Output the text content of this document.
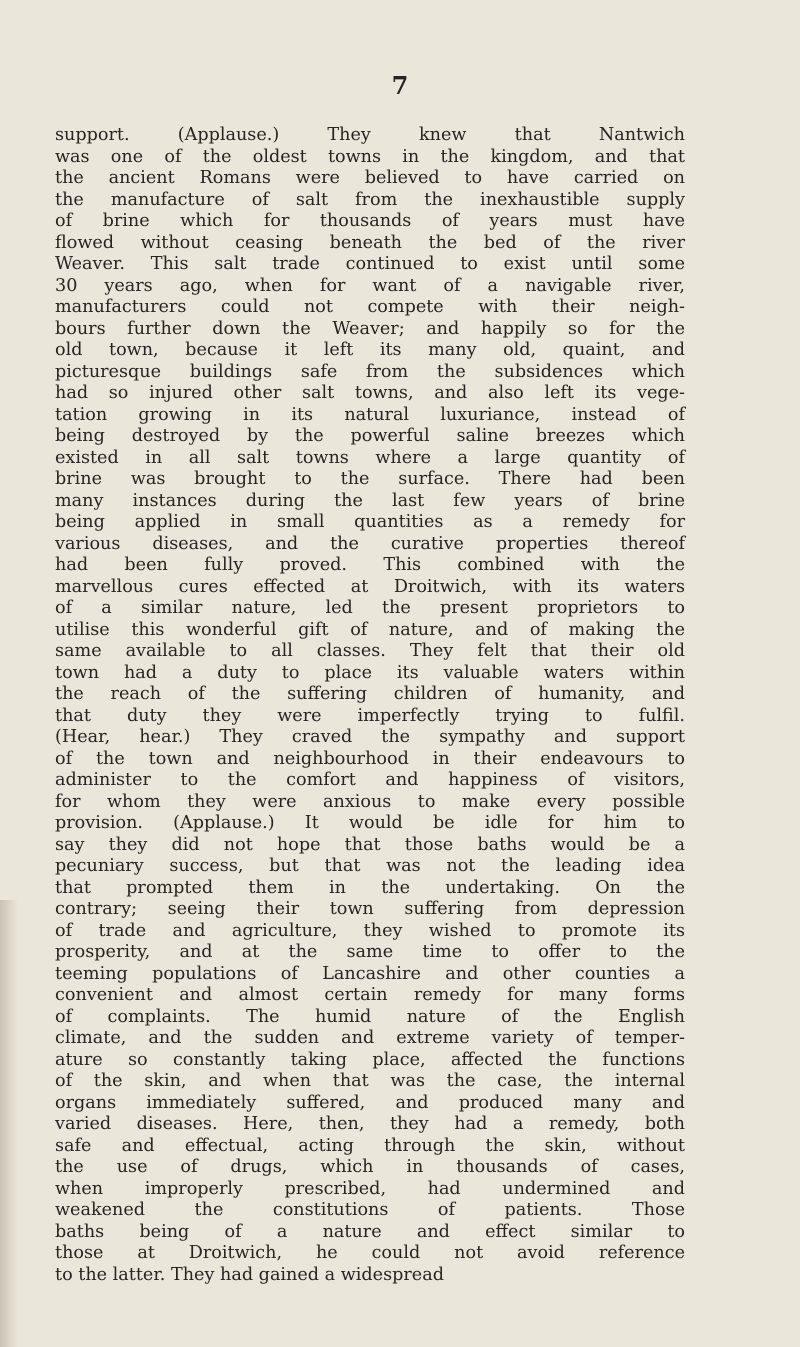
7
support. (Applause.) They knew that Nantwich
was one of the oldest towns in the kingdom, and that
the ancient Romans were believed to have carried on
the manufacture of salt from the inexhaustible supply
of brine which for thousands of years must have
flowed without ceasing beneath the bed of the river
Weaver. This salt trade continued to exist until some
30 years ago, when for want of a navigable river,
manufacturers could not compete with their neigh-
bours further down the Weaver; and happily so for the
old town, because it left its many old, quaint, and
picturesque buildings safe from the subsidences which
had so injured other salt towns, and also left its vege-
tation growing in its natural luxuriance, instead of
being destroyed by the powerful saline breezes which
existed in all salt towns where a large quantity of
brine was brought to the surface. There had been
many instances during the last few years of brine
being applied in small quantities as a remedy for
various diseases, and the curative properties thereof
had been fully proved. This combined with the
marvellous cures effected at Droitwich, with its waters
of a similar nature, led the present proprietors to
utilise this wonderful gift of nature, and of making the
same available to all classes. They felt that their old
town had a duty to place its valuable waters within
the reach of the suffering children of humanity, and
that duty they were imperfectly trying to fulfil.
(Hear, hear.) They craved the sympathy and support
of the town and neighbourhood in their endeavours to
administer to the comfort and happiness of visitors,
for whom they were anxious to make every possible
provision. (Applause.) It would be idle for him to
say they did not hope that those baths would be a
pecuniary success, but that was not the leading idea
that prompted them in the undertaking. On the
contrary; seeing their town suffering from depression
of trade and agriculture, they wished to promote its
prosperity, and at the same time to offer to the
teeming populations of Lancashire and other counties a
convenient and almost certain remedy for many forms
of complaints. The humid nature of the English
climate, and the sudden and extreme variety of temper-
ature so constantly taking place, affected the functions
of the skin, and when that was the case, the internal
organs immediately suffered, and produced many and
varied diseases. Here, then, they had a remedy, both
safe and effectual, acting through the skin, without
the use of drugs, which in thousands of cases,
when improperly prescribed, had undermined and
weakened the constitutions of patients. Those
baths being of a nature and effect similar to
those at Droitwich, he could not avoid reference
to the latter. They had gained a widespread
